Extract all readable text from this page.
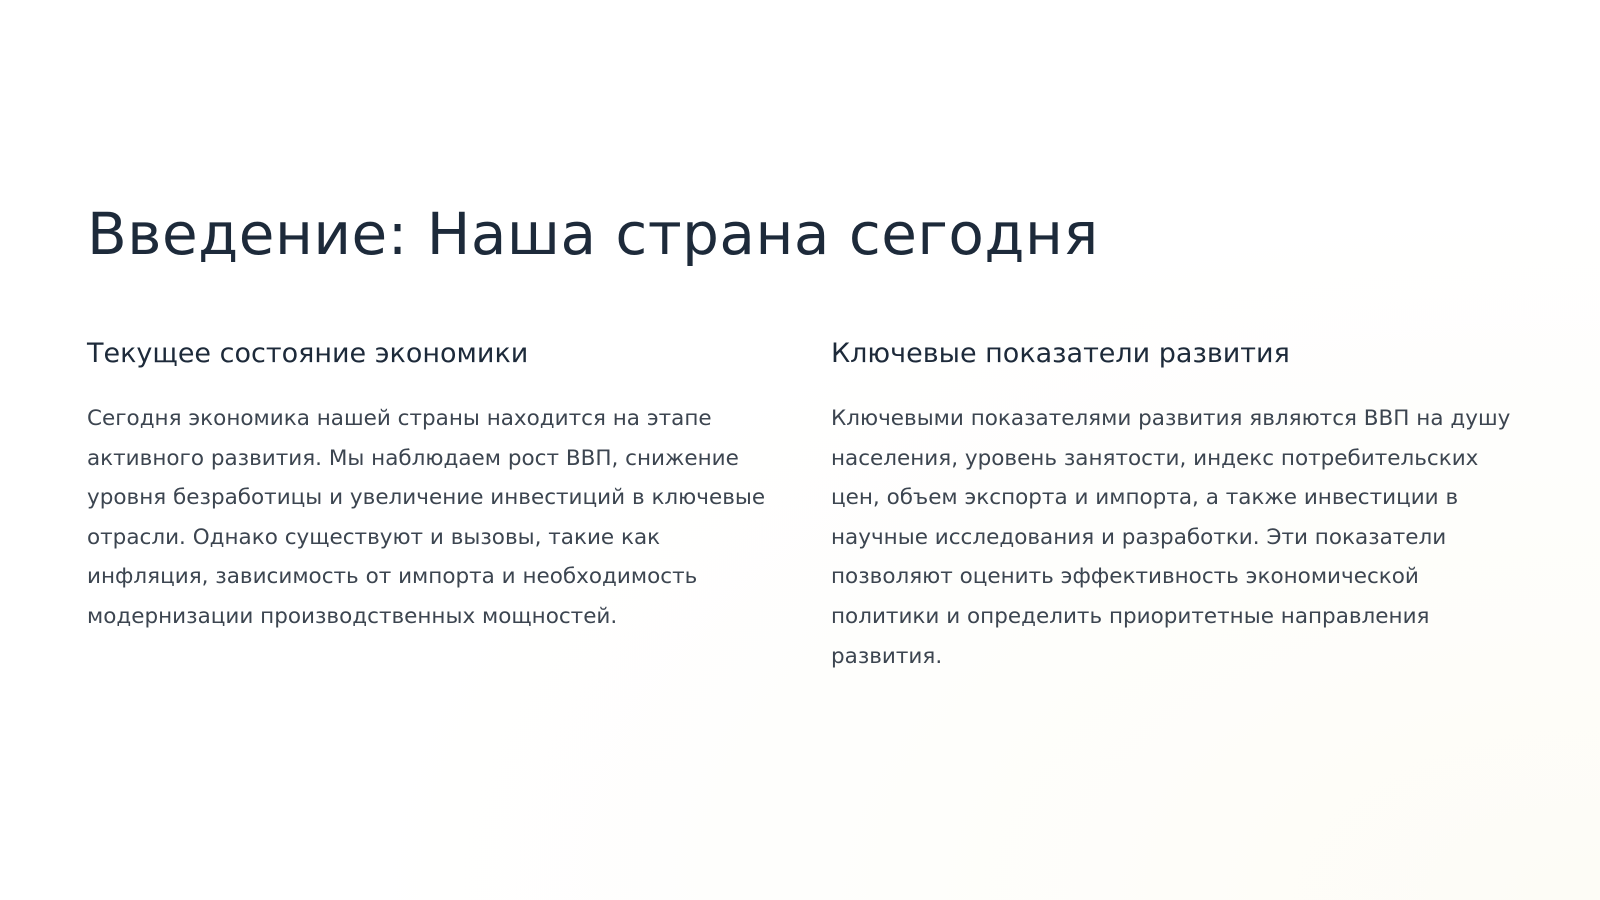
Введение: Наша страна сегодня
Текущее состояние экономики

Сегодня экономика нашей страны находится на этапе активного развития. Мы наблюдаем рост ВВП, снижение уровня безработицы и увеличение инвестиций в ключевые отрасли. Однако существуют и вызовы, такие как инфляция, зависимость от импорта и необходимость модернизации производственных мощностей.

Ключевые показатели развития

Ключевыми показателями развития являются ВВП на душу населения, уровень занятости, индекс потребительских цен, объем экспорта и импорта, а также инвестиции в научные исследования и разработки. Эти показатели позволяют оценить эффективность экономической политики и определить приоритетные направления развития.
